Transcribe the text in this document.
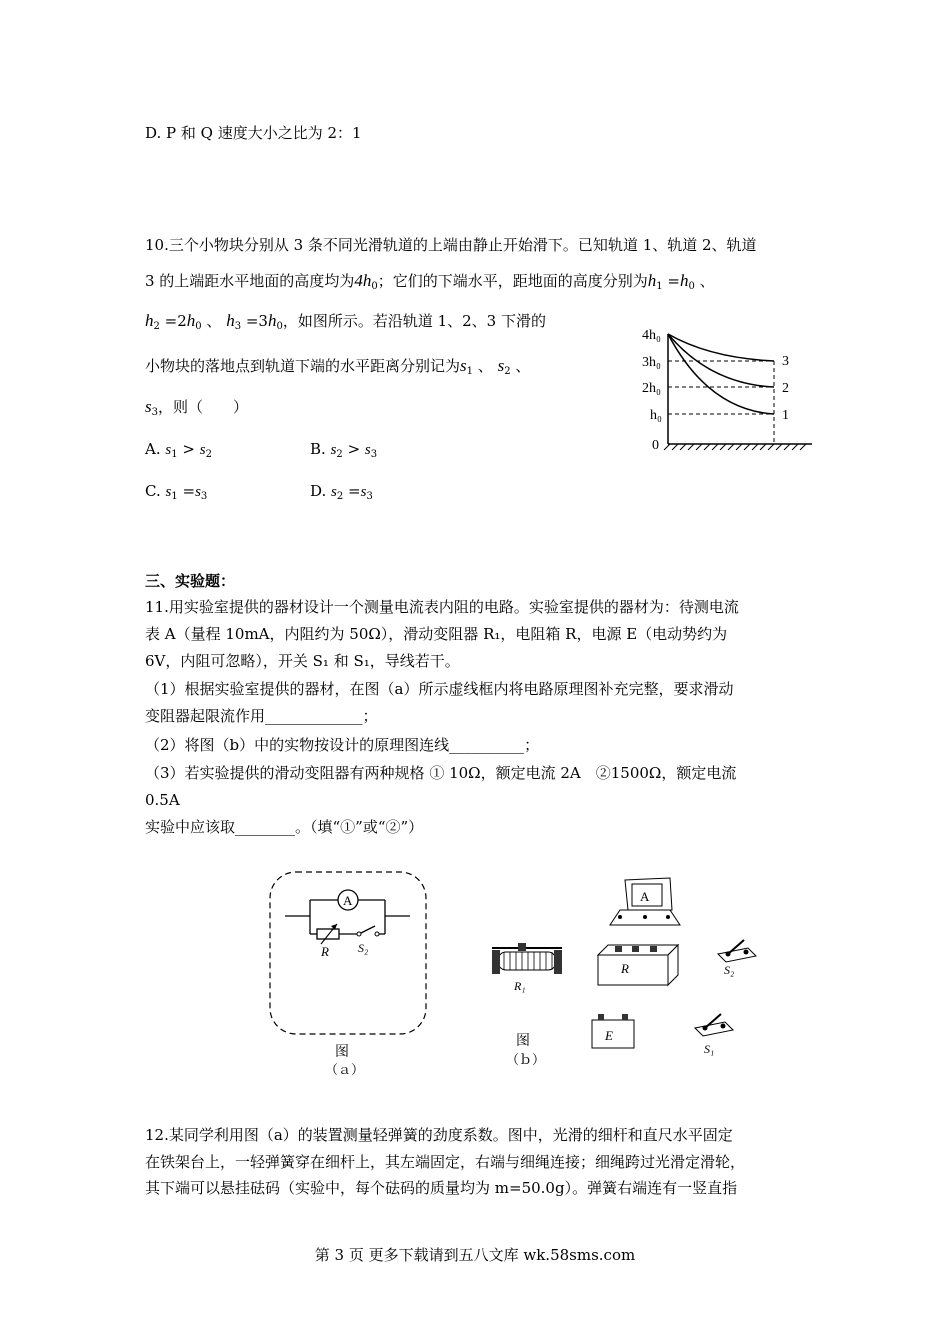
D. P 和 Q 速度大小之比为 2：1
10.三个小物块分别从 3 条不同光滑轨道的上端由静止开始滑下。已知轨道 1、轨道 2、轨道
3 的上端距水平地面的高度均为$4h_0$；它们的下端水平，距地面的高度分别为$h_1 =h_0$ 、
$h_2 =2h_0$ 、 $h_3 =3h_0$，如图所示。若沿轨道 1、2、3 下滑的
小物块的落地点到轨道下端的水平距离分别记为$s_1$ 、 $s_2$ 、
$s_3$，则（　　）
A. $s_1 > s_2$	B. $s_2 > s_3$
C. $s_1 =s_3$	D. $s_2 =s_3$
4h₀
3h₀
2h₀
h₀
0
3
2
1
三、实验题：
11.用实验室提供的器材设计一个测量电流表内阻的电路。实验室提供的器材为：待测电流
表 A（量程 10mA，内阻约为 50Ω），滑动变阻器 R₁，电阻箱 R，电源 E（电动势约为
6V，内阻可忽略），开关 S₁ 和 S₁，导线若干。
（1）根据实验室提供的器材，在图（a）所示虚线框内将电路原理图补充完整，要求滑动
变阻器起限流作用_____________；
（2）将图（b）中的实物按设计的原理图连线__________；
（3）若实验提供的滑动变阻器有两种规格 ① 10Ω，额定电流 2A　②1500Ω，额定电流
0.5A
实验中应该取________。（填“①”或“②”）
A
R S₂
图
（ａ）
A
R₁
R	S₂
E
S₁
图
（ｂ）
12.某同学利用图（a）的装置测量轻弹簧的劲度系数。图中，光滑的细杆和直尺水平固定
在铁架台上，一轻弹簧穿在细杆上，其左端固定，右端与细绳连接；细绳跨过光滑定滑轮，
其下端可以悬挂砝码（实验中，每个砝码的质量均为 m=50.0g）。弹簧右端连有一竖直指
第 3 页 更多下载请到五八文库 wk.58sms.com
